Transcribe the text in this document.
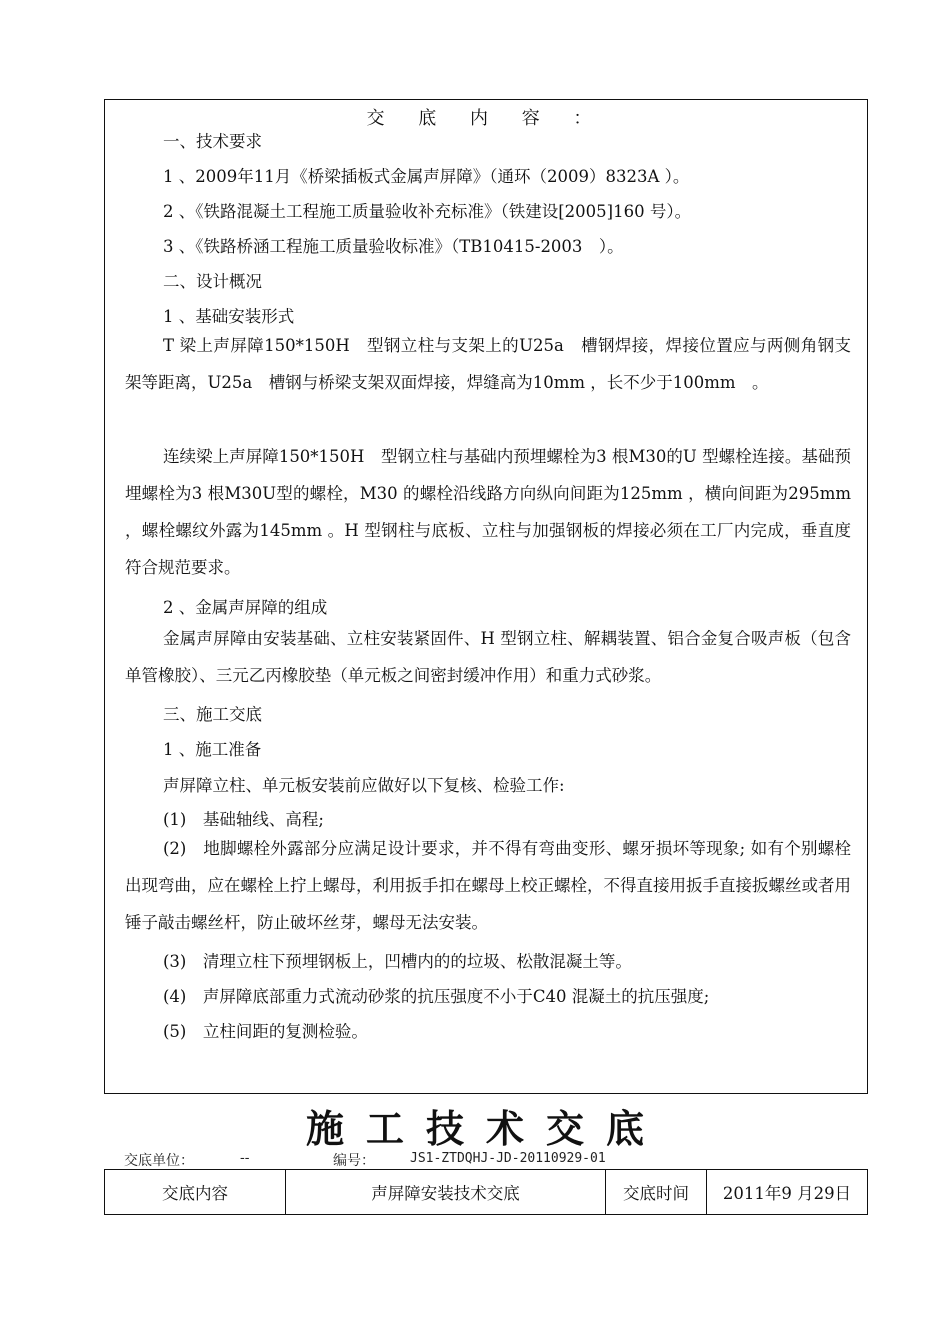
交 底 内 容 ：
一、技术要求
1 、2009年11月《桥梁插板式金属声屏障》（通环（2009）8323A ）。
2 、《铁路混凝土工程施工质量验收补充标准》（铁建设[2005]160 号）。
3 、《铁路桥涵工程施工质量验收标准》（TB10415-2003　）。
二、设计概况
1 、基础安装形式
T 梁上声屏障150*150H　型钢立柱与支架上的U25a　槽钢焊接，焊接位置应与两侧角钢支架等距离，U25a　槽钢与桥梁支架双面焊接，焊缝高为10mm ，长不少于100mm　。
连续梁上声屏障150*150H　型钢立柱与基础内预埋螺栓为3 根M30的U 型螺栓连接。基础预埋螺栓为3 根M30U型的螺栓，M30 的螺栓沿线路方向纵向间距为125mm ，横向间距为295mm ，螺栓螺纹外露为145mm 。H 型钢柱与底板、立柱与加强钢板的焊接必须在工厂内完成，垂直度符合规范要求。
2 、金属声屏障的组成
金属声屏障由安装基础、立柱安装紧固件、H 型钢立柱、解耦装置、铝合金复合吸声板（包含单管橡胶）、三元乙丙橡胶垫（单元板之间密封缓冲作用）和重力式砂浆。
三、施工交底
1 、施工准备
声屏障立柱、单元板安装前应做好以下复核、检验工作:
(1)　基础轴线、高程;
(2)　地脚螺栓外露部分应满足设计要求，并不得有弯曲变形、螺牙损坏等现象; 如有个别螺栓出现弯曲，应在螺栓上拧上螺母，利用扳手扣在螺母上校正螺栓，不得直接用扳手直接扳螺丝或者用锤子敲击螺丝杆，防止破坏丝芽，螺母无法安装。
(3)　清理立柱下预埋钢板上，凹槽内的的垃圾、松散混凝土等。
(4)　声屏障底部重力式流动砂浆的抗压强度不小于C40 混凝土的抗压强度;
(5)　立柱间距的复测检验。
施工技术交底
交底单位：	--	编号：	JS1-ZTDQHJ-JD-20110929-01
交底内容	声屏障安装技术交底	交底时间	2011年9 月29日
